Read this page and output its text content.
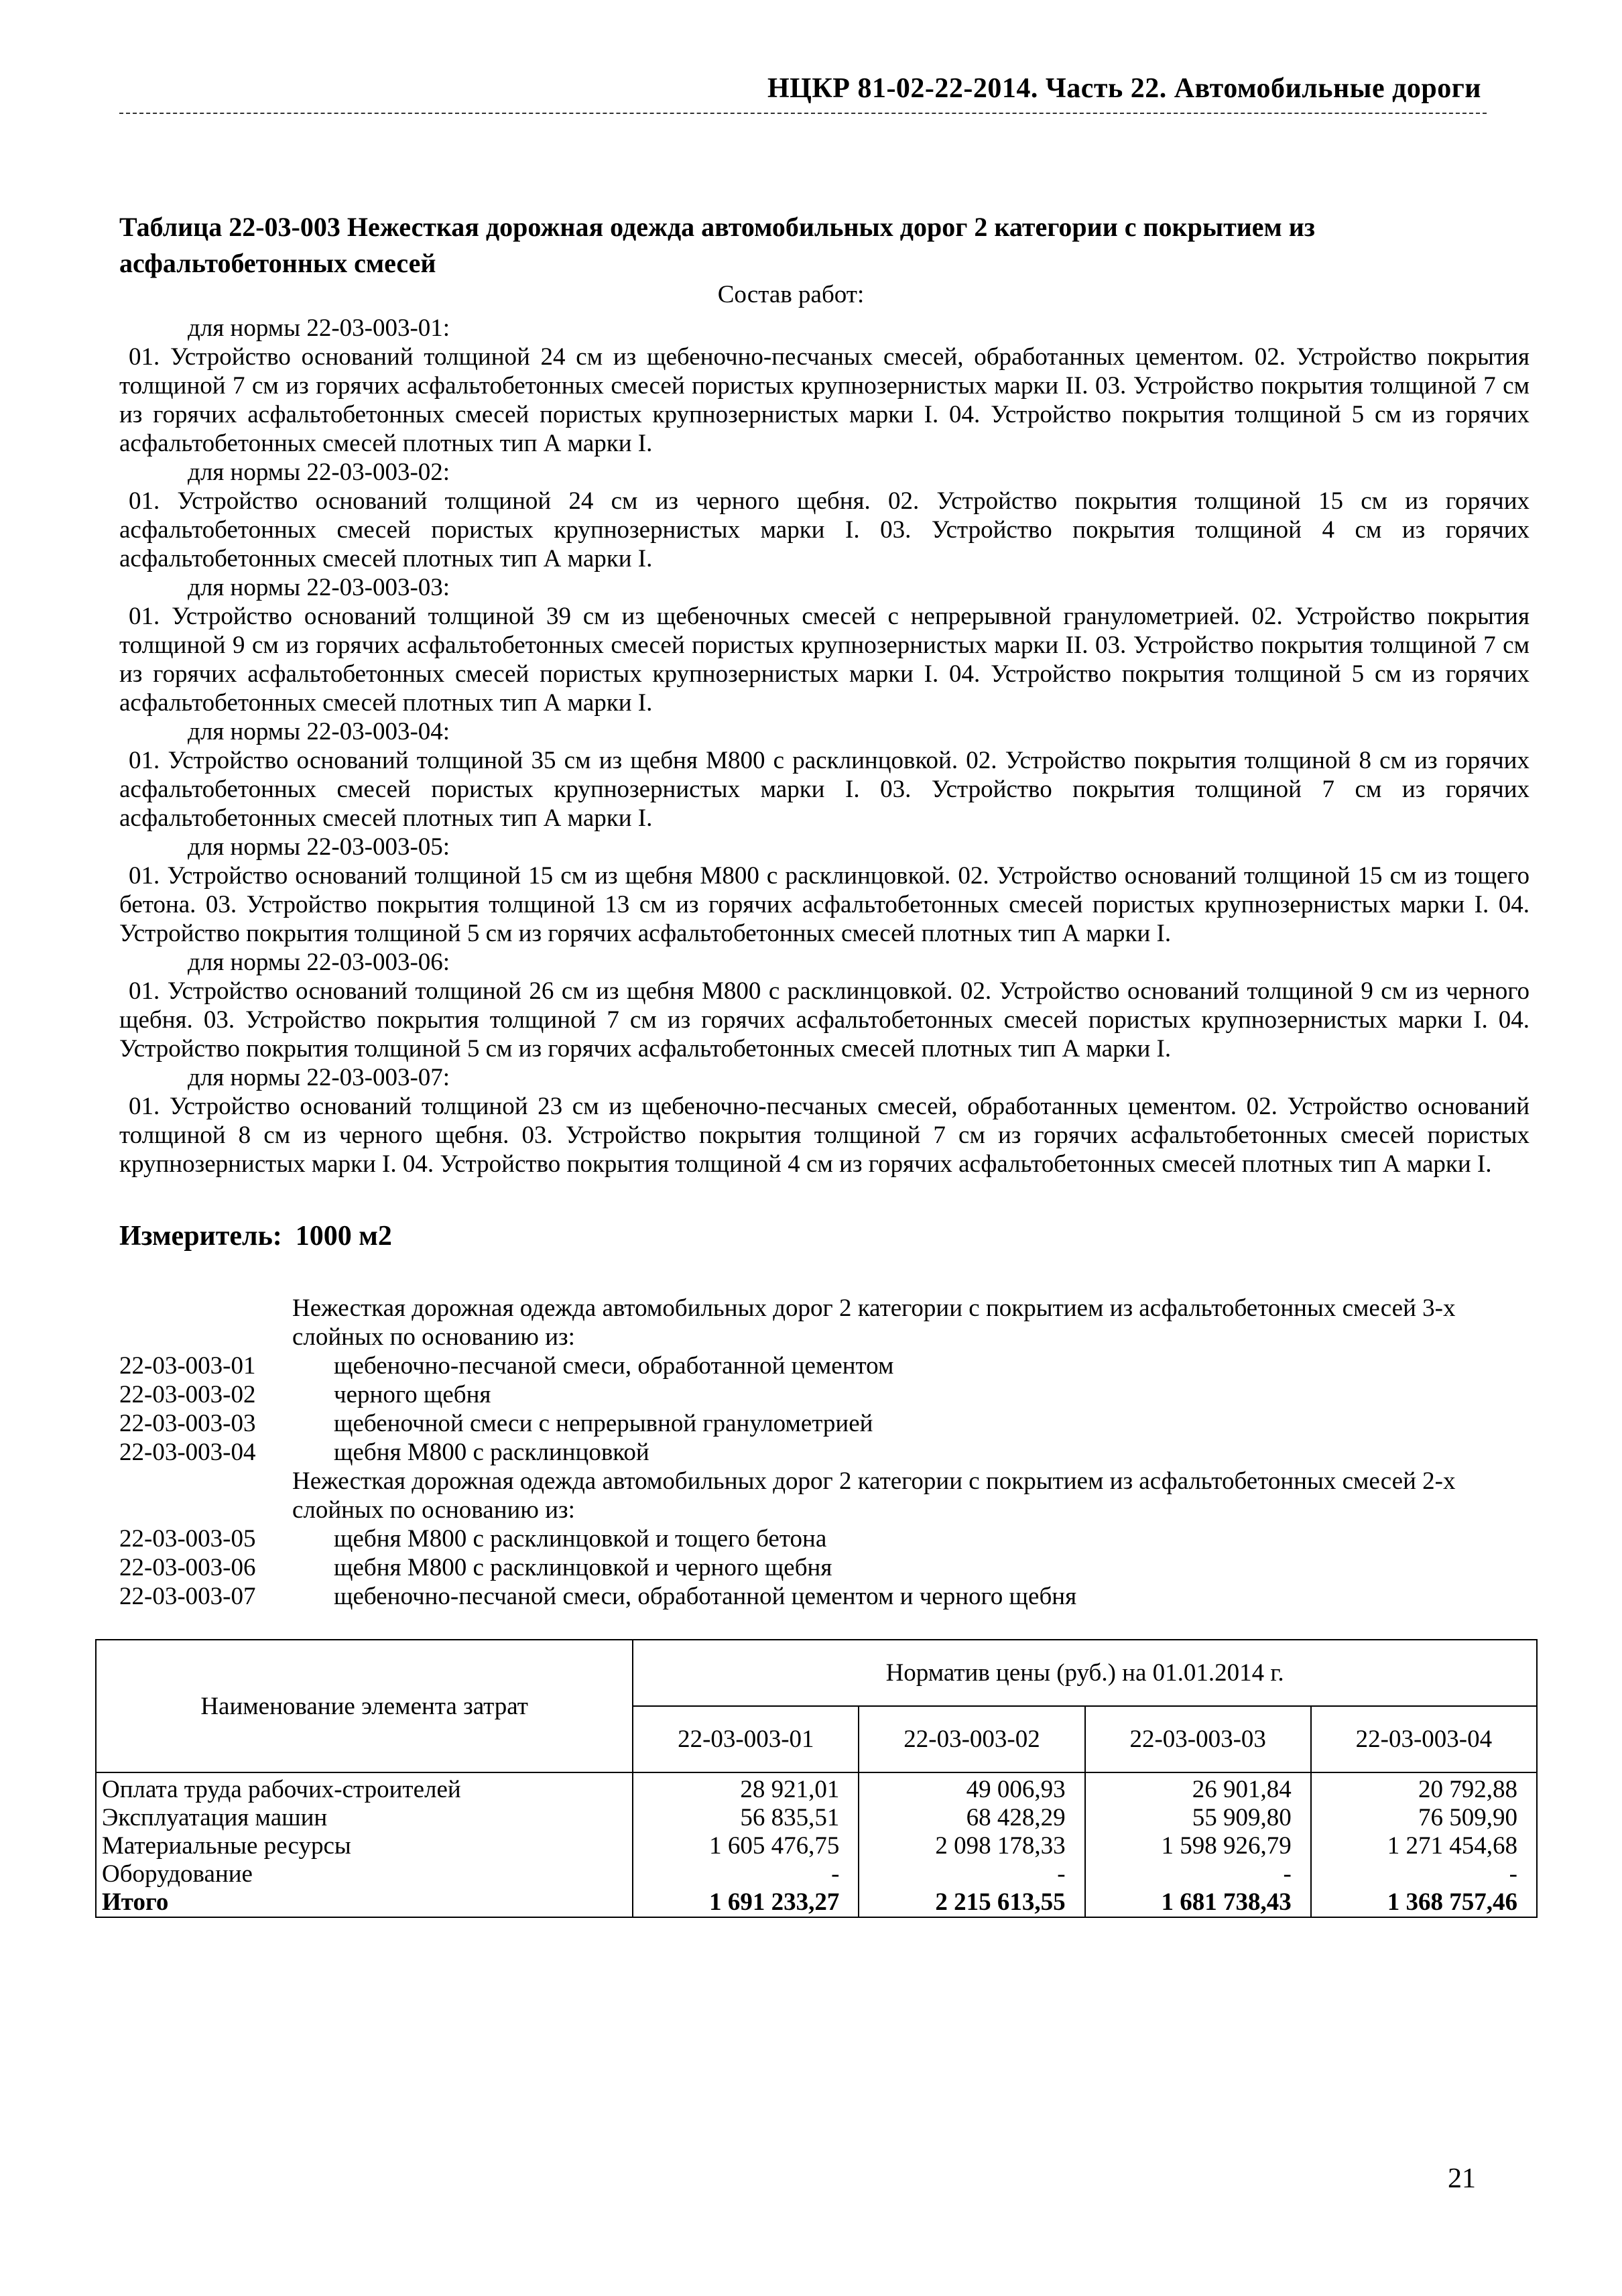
НЦКР 81-02-22-2014. Часть 22. Автомобильные дороги
Таблица 22-03-003 Нежесткая дорожная одежда автомобильных дорог 2 категории с покрытием из асфальтобетонных смесей
Состав работ:

для нормы 22-03-003-01:

01. Устройство оснований толщиной 24 см из щебеночно-песчаных смесей, обработанных цементом. 02. Устройство покрытия толщиной 7 см из горячих асфальтобетонных смесей пористых крупнозернистых марки II. 03. Устройство покрытия толщиной 7 см из горячих асфальтобетонных смесей пористых крупнозернистых марки I. 04. Устройство покрытия толщиной 5 см из горячих асфальтобетонных смесей плотных тип А марки I.

для нормы 22-03-003-02:

01. Устройство оснований толщиной 24 см из черного щебня. 02. Устройство покрытия толщиной 15 см из горячих асфальтобетонных смесей пористых крупнозернистых марки I. 03. Устройство покрытия толщиной 4 см из горячих асфальтобетонных смесей плотных тип А марки I.

для нормы 22-03-003-03:

01. Устройство оснований толщиной 39 см из щебеночных смесей с непрерывной гранулометрией. 02. Устройство покрытия толщиной 9 см из горячих асфальтобетонных смесей пористых крупнозернистых марки II. 03. Устройство покрытия толщиной 7 см из горячих асфальтобетонных смесей пористых крупнозернистых марки I. 04. Устройство покрытия толщиной 5 см из горячих асфальтобетонных смесей плотных тип А марки I.

для нормы 22-03-003-04:

01. Устройство оснований толщиной 35 см из щебня М800 с расклинцовкой. 02. Устройство покрытия толщиной 8 см из горячих асфальтобетонных смесей пористых крупнозернистых марки I. 03. Устройство покрытия толщиной 7 см из горячих асфальтобетонных смесей плотных тип А марки I.

для нормы 22-03-003-05:

01. Устройство оснований толщиной 15 см из щебня М800 с расклинцовкой. 02. Устройство оснований толщиной 15 см из тощего бетона. 03. Устройство покрытия толщиной 13 см из горячих асфальтобетонных смесей пористых крупнозернистых марки I. 04. Устройство покрытия толщиной 5 см из горячих асфальтобетонных смесей плотных тип А марки I.

для нормы 22-03-003-06:

01. Устройство оснований толщиной 26 см из щебня М800 с расклинцовкой. 02. Устройство оснований толщиной 9 см из черного щебня. 03. Устройство покрытия толщиной 7 см из горячих асфальтобетонных смесей пористых крупнозернистых марки I. 04. Устройство покрытия толщиной 5 см из горячих асфальтобетонных смесей плотных тип А марки I.

для нормы 22-03-003-07:

01. Устройство оснований толщиной 23 см из щебеночно-песчаных смесей, обработанных цементом. 02. Устройство оснований толщиной 8 см из черного щебня. 03. Устройство покрытия толщиной 7 см из горячих асфальтобетонных смесей пористых крупнозернистых марки I. 04. Устройство покрытия толщиной 4 см из горячих асфальтобетонных смесей плотных тип А марки I.

Измеритель: 1000 м2
Нежесткая дорожная одежда автомобильных дорог 2 категории с покрытием из асфальтобетонных смесей 3-х слойных по основанию из:
22-03-003-01	щебеночно-песчаной смеси, обработанной цементом
22-03-003-02	черного щебня
22-03-003-03	щебеночной смеси с непрерывной гранулометрией
22-03-003-04	щебня М800 с расклинцовкой
Нежесткая дорожная одежда автомобильных дорог 2 категории с покрытием из асфальтобетонных смесей 2-х слойных по основанию из:
22-03-003-05	щебня М800 с расклинцовкой и тощего бетона
22-03-003-06	щебня М800 с расклинцовкой и черного щебня
22-03-003-07	щебеночно-песчаной смеси, обработанной цементом и черного щебня
Наименование элемента затрат	Норматив цены (руб.) на 01.01.2014 г.			
	22-03-003-01	22-03-003-02	22-03-003-03	22-03-003-04
Оплата труда рабочих-строителей	28 921,01	49 006,93	26 901,84	20 792,88
Эксплуатация машин	56 835,51	68 428,29	55 909,80	76 509,90
Материальные ресурсы	1 605 476,75	2 098 178,33	1 598 926,79	1 271 454,68
Оборудование	-	-	-	-
Итого	1 691 233,27	2 215 613,55	1 681 738,43	1 368 757,46
21
